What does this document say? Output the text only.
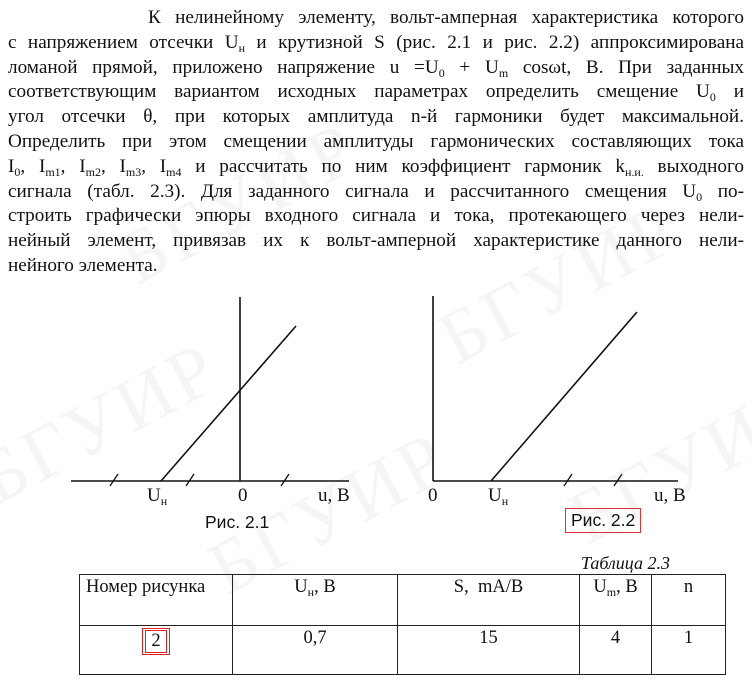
К нелинейному элементу, вольт-амперная характеристика которого
с напряжением отсечки $U_н$ и крутизной S (рис. 2.1 и рис. 2.2) аппроксимирована
ломаной прямой, приложено напряжение $u =U_0 + U_m$ cosωt, В. При заданных
соответствующим вариантом исходных параметрах определить смещение $U_0$ и
угол отсечки θ, при которых амплитуда n-й гармоники будет максимальной.
Определить при этом смещении амплитуды гармонических составляющих тока
$I_0$, $I_{m1}$, $I_{m2}$, $I_{m3}$, $I_{m4}$ и рассчитать по ним коэффициент гармоник $k_{н.и.}$ выходного
сигнала (табл. 2.3). Для заданного сигнала и рассчитанного смещения $U_0$ по-
строить графически эпюры входного сигнала и тока, протекающего через нели-
нейный элемент, привязав их к вольт-амперной характеристике данного нели-
нейного элемента.
$U_н$	0	u, В
Рис. 2.1
0	$U_н$	u, В
Рис. 2.2
Таблица 2.3
Номер рисунка	$U_н$, В	S,  mA/B	$U_m$, В	n
2	0,7	15	4	1
